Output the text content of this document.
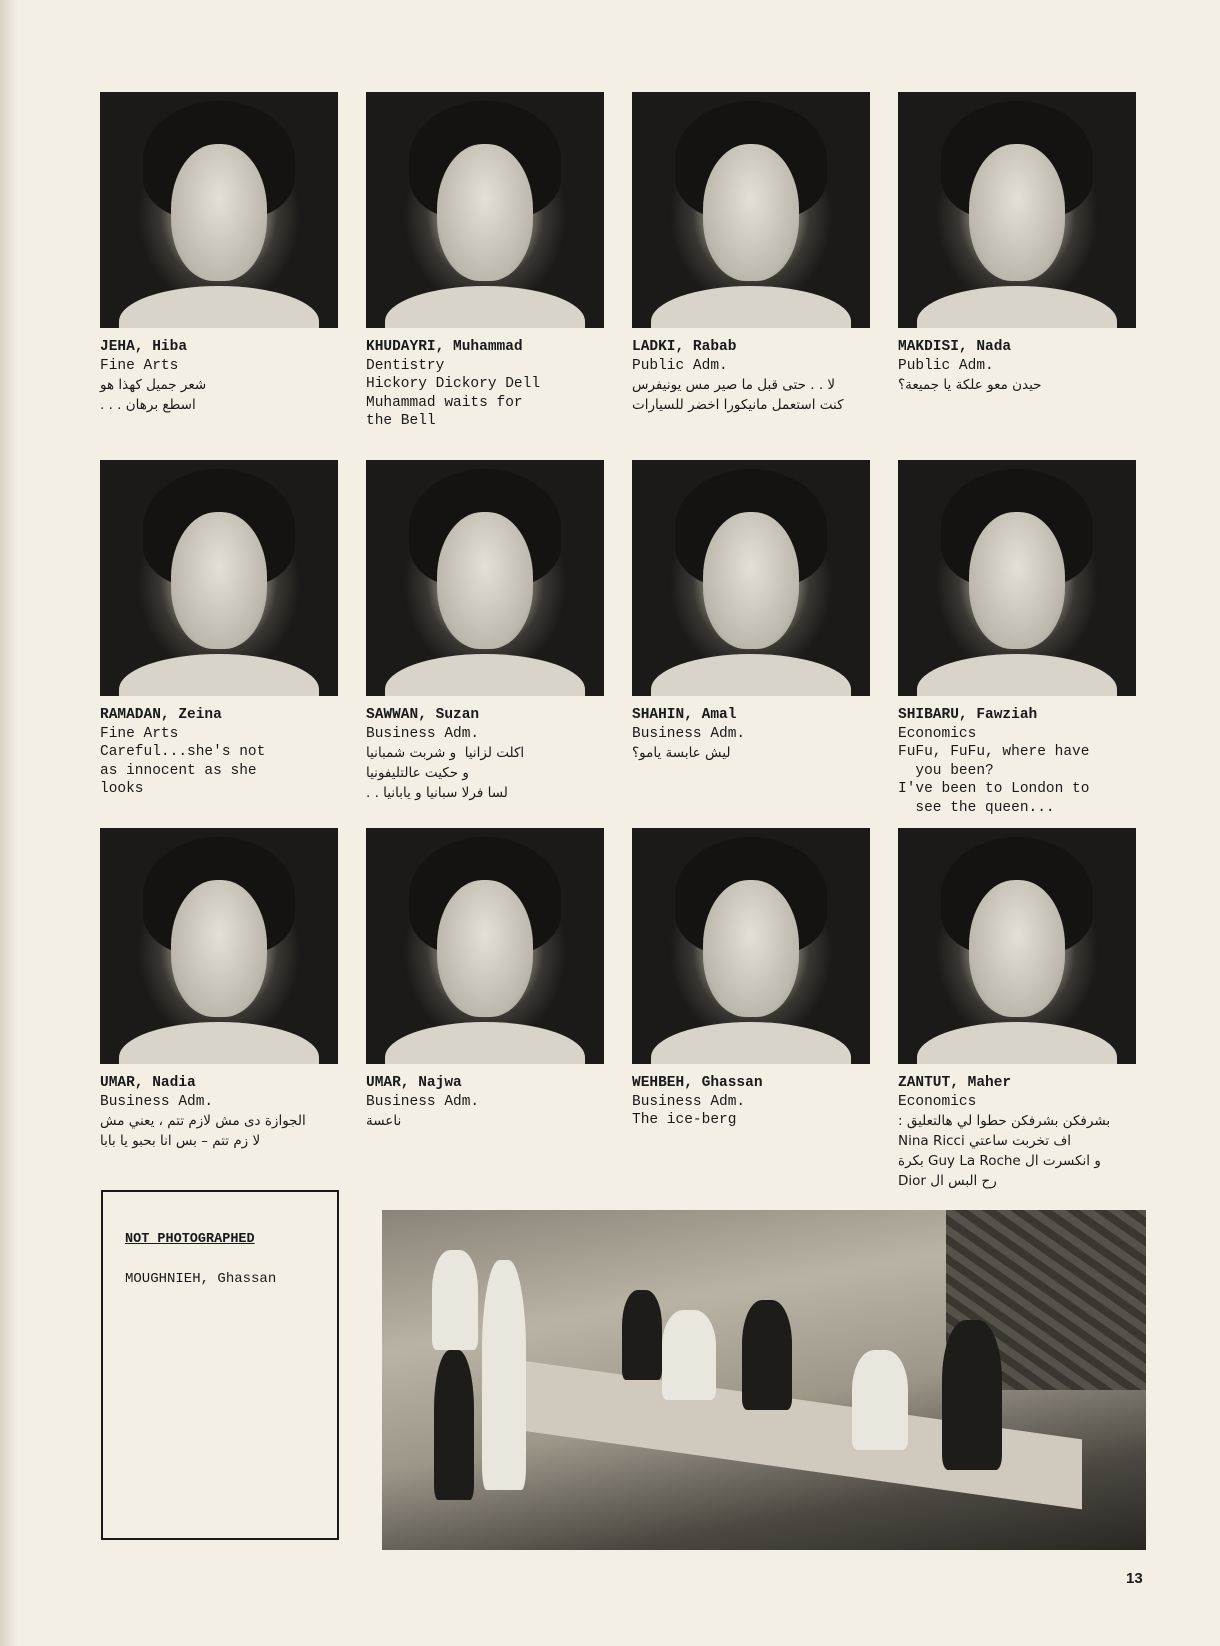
JEHA, Hiba
Fine Arts
شعر جميل كهذا هو
اسطع برهان . . .
KHUDAYRI, Muhammad
Dentistry
Hickory Dickory Dell
Muhammad waits for
the Bell
LADKI, Rabab
Public Adm.
لا . . حتى قبل ما صير مس يونيفرس
كنت استعمل مانيكورا اخضر للسيارات
MAKDISI, Nada
Public Adm.
حيدن معو علكة يا جميعة؟
RAMADAN, Zeina
Fine Arts
Careful...she's not
as innocent as she
looks
SAWWAN, Suzan
Business Adm.
اكلت لزانيا  و شربت شمبانيا
و حكيت عالتليفونيا
لسا فرلا سبانيا و يابانيا . .
SHAHIN, Amal
Business Adm.
ليش عابسة يامو؟
SHIBARU, Fawziah
Economics
FuFu, FuFu, where have
you been?
I've been to London to
see the queen...
UMAR, Nadia
Business Adm.
الجوازة دى مش لازم تتم ، يعني مش
لا زم تتم – بس انا بحبو يا بابا
UMAR, Najwa
Business Adm.
ناعسة
WEHBEH, Ghassan
Business Adm.
The ice-berg
ZANTUT, Maher
Economics
بشرفكن بشرفكن حطوا لي هالتعليق :
اف تخربت ساعتي Nina Ricci
و انكسرت ال Guy La Roche بكرة
رح البس ال Dior
NOT PHOTOGRAPHED
MOUGHNIEH, Ghassan
13
